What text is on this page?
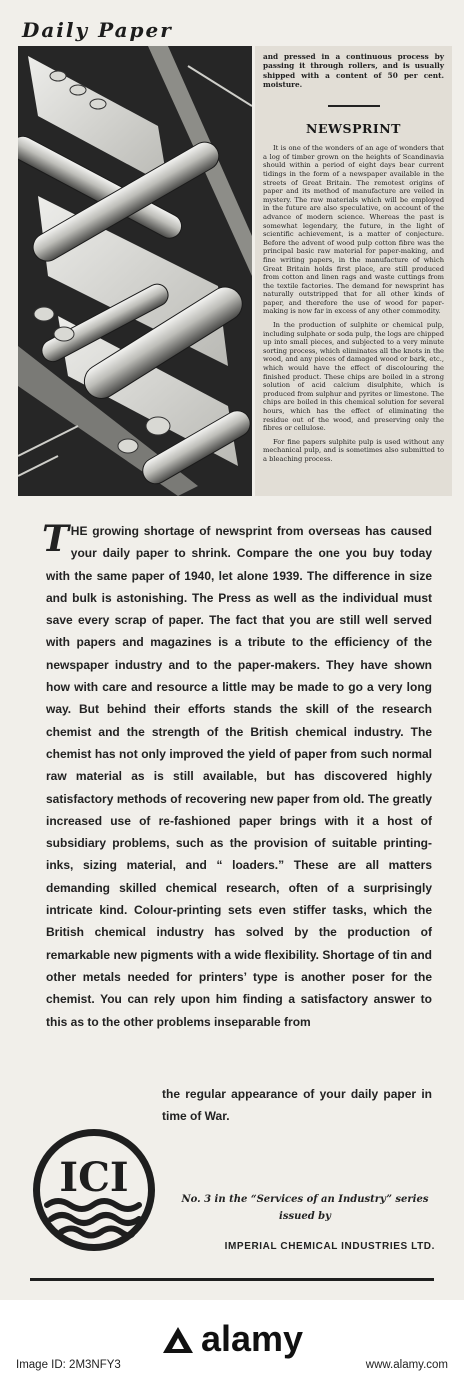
Daily Paper

and pressed in a continuous process by passing it through rollers, and is usually shipped with a content of 50 per cent. moisture.

NEWSPRINT

It is one of the wonders of an age of wonders that a log of timber grown on the heights of Scandinavia should within a period of eight days bear current tidings in the form of a newspaper available in the streets of Great Britain. The remotest origins of paper and its method of manufacture are veiled in mystery. The raw materials which will be employed in the future are also speculative, on account of the advance of modern science. Whereas the past is somewhat legendary, the future, in the light of scientific achievement, is a matter of conjecture. Before the advent of wood pulp cotton fibre was the principal basic raw material for paper-making, and fine writing papers, in the manufacture of which Great Britain holds first place, are still produced from cotton and linen rags and waste cuttings from the textile factories. The demand for newsprint has naturally outstripped that for all other kinds of paper, and therefore the use of wood for paper-making is now far in excess of any other commodity.

In the production of sulphite or chemical pulp, including sulphate or soda pulp, the logs are chipped up into small pieces, and subjected to a very minute sorting process, which eliminates all the knots in the wood, and any pieces of damaged wood or bark, etc., which would have the effect of discolouring the finished product. These chips are boiled in a strong solution of acid calcium disulphite, which is produced from sulphur and pyrites or limestone. The chips are boiled in this chemical solution for several hours, which has the effect of eliminating the residue out of the wood, and preserving only the fibres or cellulose.

For fine papers sulphite pulp is used without any mechanical pulp, and is sometimes also submitted to a bleaching process.

THE growing shortage of newsprint from overseas has caused your daily paper to shrink. Compare the one you buy today with the same paper of 1940, let alone 1939. The difference in size and bulk is astonishing. The Press as well as the individual must save every scrap of paper. The fact that you are still well served with papers and magazines is a tribute to the efficiency of the newspaper industry and to the paper-makers. They have shown how with care and resource a little may be made to go a very long way. But behind their efforts stands the skill of the research chemist and the strength of the British chemical industry. The chemist has not only improved the yield of paper from such normal raw material as is still available, but has discovered highly satisfactory methods of recovering new paper from old. The greatly increased use of re-fashioned paper brings with it a host of subsidiary problems, such as the provision of suitable printing-inks, sizing material, and “ loaders.” These are all matters demanding skilled chemical research, often of a surprisingly intricate kind. Colour-printing sets even stiffer tasks, which the British chemical industry has solved by the production of remarkable new pigments with a wide flexibility. Shortage of tin and other metals needed for printers’ type is another poser for the chemist. You can rely upon him finding a satisfactory answer to this as to the other problems inseparable from
the regular appearance of your daily paper in time of War.
ICI	No. 3 in the “Services of an Industry” series
issued by
IMPERIAL CHEMICAL INDUSTRIES LTD.
alamy
Image ID: 2M3NFY3	www.alamy.com
